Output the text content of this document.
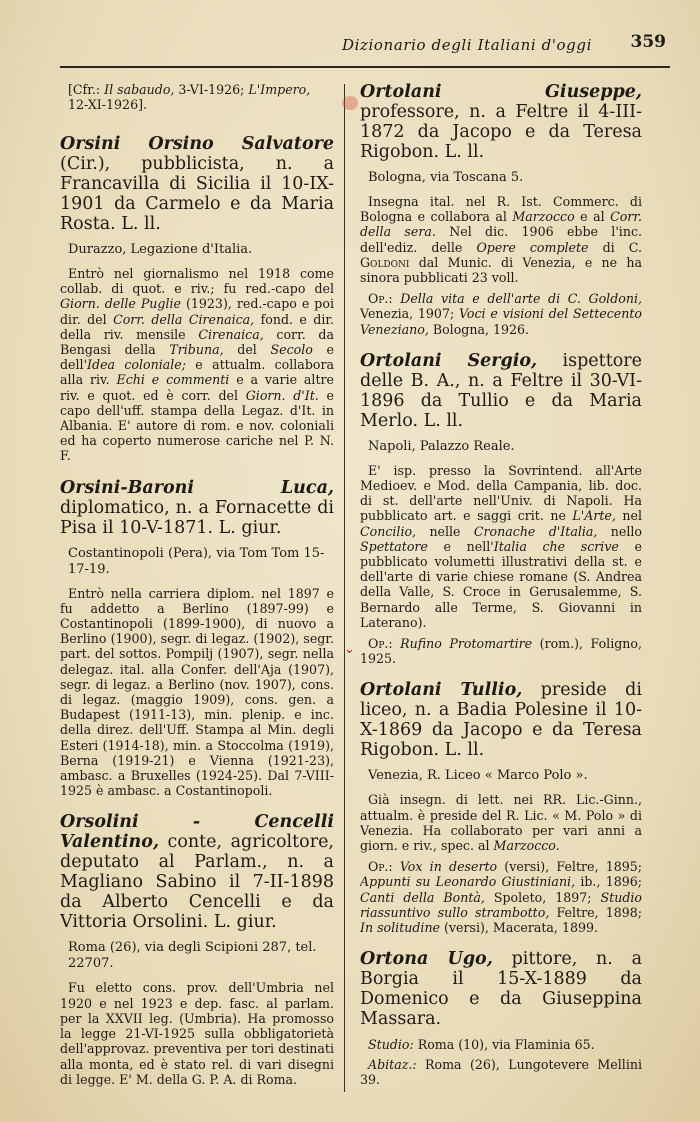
Dizionario degli Italiani d'oggi 359
[Cfr.: Il sabaudo, 3-VI-1926; L'Impero, 12-XI-1926].

Orsini Orsino Salvatore (Cir.), pubblicista, n. a Francavilla di Sicilia il 10-IX-1901 da Carmelo e da Maria Rosta. L. ll.

Durazzo, Legazione d'Italia.

Entrò nel giornalismo nel 1918 come collab. di quot. e riv.; fu red.-capo del Giorn. delle Puglie (1923), red.-capo e poi dir. del Corr. della Cirenaica, fond. e dir. della riv. mensile Cirenaica, corr. da Bengasi della Tribuna, del Secolo e dell'Idea coloniale; e attualm. collabora alla riv. Echi e commenti e a varie altre riv. e quot. ed è corr. del Giorn. d'It. e capo dell'uff. stampa della Legaz. d'It. in Albania. E' autore di rom. e nov. coloniali ed ha coperto numerose cariche nel P. N. F.

Orsini-Baroni Luca, diplomatico, n. a Fornacette di Pisa il 10-V-1871. L. giur.

Costantinopoli (Pera), via Tom Tom 15-17-19.

Entrò nella carriera diplom. nel 1897 e fu addetto a Berlino (1897-99) e Costantinopoli (1899-1900), di nuovo a Berlino (1900), segr. di legaz. (1902), segr. part. del sottos. Pompilj (1907), segr. nella delegaz. ital. alla Confer. dell'Aja (1907), segr. di legaz. a Berlino (nov. 1907), cons. di legaz. (maggio 1909), cons. gen. a Budapest (1911-13), min. plenip. e inc. della direz. dell'Uff. Stampa al Min. degli Esteri (1914-18), min. a Stoccolma (1919), Berna (1919-21) e Vienna (1921-23), ambasc. a Bruxelles (1924-25). Dal 7-VIII-1925 è ambasc. a Costantinopoli.

Orsolini - Cencelli Valentino, conte, agricoltore, deputato al Parlam., n. a Magliano Sabino il 7-II-1898 da Alberto Cencelli e da Vittoria Orsolini. L. giur.

Roma (26), via degli Scipioni 287, tel. 22707.

Fu eletto cons. prov. dell'Umbria nel 1920 e nel 1923 e dep. fasc. al parlam. per la XXVII leg. (Umbria). Ha promosso la legge 21-VI-1925 sulla obbligatorietà dell'approvaz. preventiva per tori destinati alla monta, ed è stato rel. di vari disegni di legge. E' M. della G. P. A. di Roma.

Ortolani Giuseppe, professore, n. a Feltre il 4-III-1872 da Jacopo e da Teresa Rigobon. L. ll.

Bologna, via Toscana 5.

Insegna ital. nel R. Ist. Commerc. di Bologna e collabora al Marzocco e al Corr. della sera. Nel dic. 1906 ebbe l'inc. dell'ediz. delle Opere complete di C. Goldoni dal Munic. di Venezia, e ne ha sinora pubblicati 23 voll.

Op.: Della vita e dell'arte di C. Goldoni, Venezia, 1907; Voci e visioni del Settecento Veneziano, Bologna, 1926.

Ortolani Sergio, ispettore delle B. A., n. a Feltre il 30-VI-1896 da Tullio e da Maria Merlo. L. ll.

Napoli, Palazzo Reale.

E' isp. presso la Sovrintend. all'Arte Medioev. e Mod. della Campania, lib. doc. di st. dell'arte nell'Univ. di Napoli. Ha pubblicato art. e saggi crit. ne L'Arte, nel Concilio, nelle Cronache d'Italia, nello Spettatore e nell'Italia che scrive e pubblicato volumetti illustrativi della st. e dell'arte di varie chiese romane (S. Andrea della Valle, S. Croce in Gerusalemme, S. Bernardo alle Terme, S. Giovanni in Laterano).

Op.: Rufino Protomartire (rom.), Foligno, 1925.

Ortolani Tullio, preside di liceo, n. a Badia Polesine il 10-X-1869 da Jacopo e da Teresa Rigobon. L. ll.

Venezia, R. Liceo « Marco Polo ».

Già insegn. di lett. nei RR. Lic.-Ginn., attualm. è preside del R. Lic. « M. Polo » di Venezia. Ha collaborato per vari anni a giorn. e riv., spec. al Marzocco.

Op.: Vox in deserto (versi), Feltre, 1895; Appunti su Leonardo Giustiniani, ib., 1896; Canti della Bontà, Spoleto, 1897; Studio riassuntivo sullo strambotto, Feltre, 1898; In solitudine (versi), Macerata, 1899.

Ortona Ugo, pittore, n. a Borgia il 15-X-1889 da Domenico e da Giuseppina Massara.

Studio: Roma (10), via Flaminia 65.

Abitaz.: Roma (26), Lungotevere Mellini 39.

⌄
